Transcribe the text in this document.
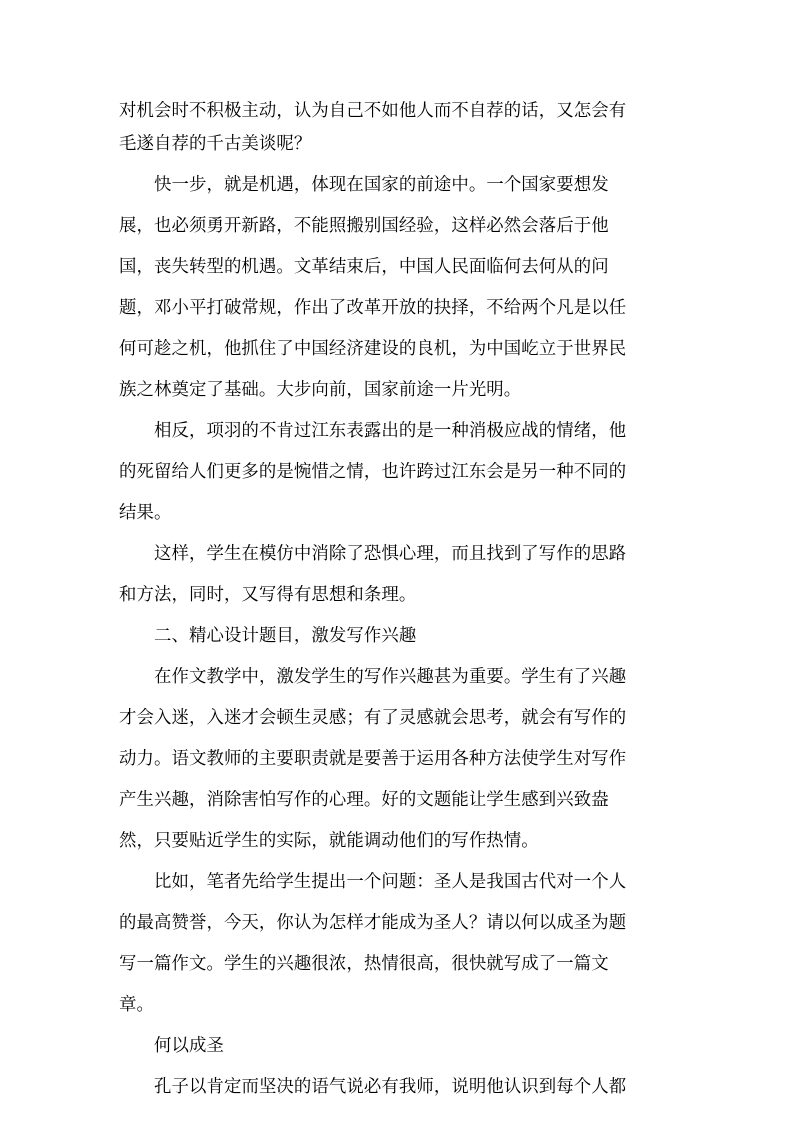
对机会时不积极主动，认为自己不如他人而不自荐的话，又怎会有
毛遂自荐的千古美谈呢？
快一步，就是机遇，体现在国家的前途中。一个国家要想发
展，也必须勇开新路，不能照搬别国经验，这样必然会落后于他
国，丧失转型的机遇。文革结束后，中国人民面临何去何从的问
题，邓小平打破常规，作出了改革开放的抉择，不给两个凡是以任
何可趁之机，他抓住了中国经济建设的良机，为中国屹立于世界民
族之林奠定了基础。大步向前，国家前途一片光明。
相反，项羽的不肯过江东表露出的是一种消极应战的情绪，他
的死留给人们更多的是惋惜之情，也许跨过江东会是另一种不同的
结果。
这样，学生在模仿中消除了恐惧心理，而且找到了写作的思路
和方法，同时，又写得有思想和条理。
二、精心设计题目，激发写作兴趣
在作文教学中，激发学生的写作兴趣甚为重要。学生有了兴趣
才会入迷，入迷才会顿生灵感；有了灵感就会思考，就会有写作的
动力。语文教师的主要职责就是要善于运用各种方法使学生对写作
产生兴趣，消除害怕写作的心理。好的文题能让学生感到兴致盎
然，只要贴近学生的实际，就能调动他们的写作热情。
比如，笔者先给学生提出一个问题：圣人是我国古代对一个人
的最高赞誉，今天，你认为怎样才能成为圣人？请以何以成圣为题
写一篇作文。学生的兴趣很浓，热情很高，很快就写成了一篇文
章。
何以成圣
孔子以肯定而坚决的语气说必有我师，说明他认识到每个人都
